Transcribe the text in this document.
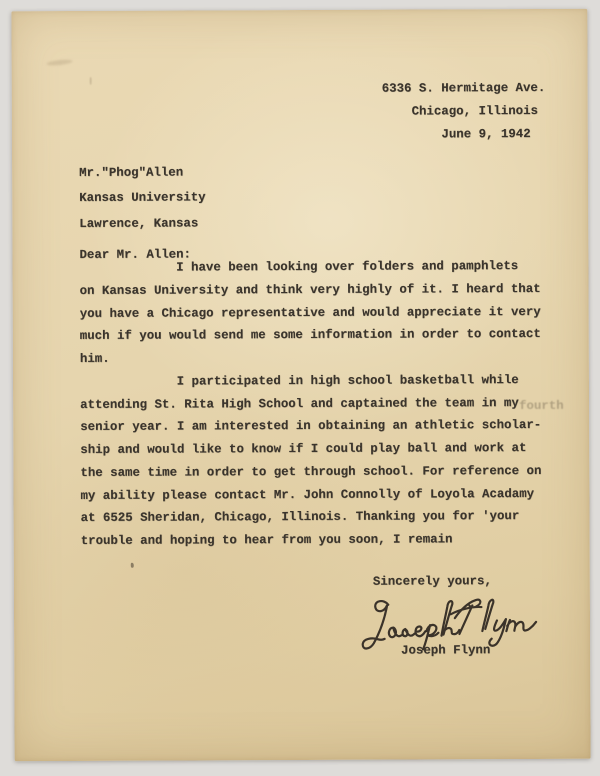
6336 S. Hermitage Ave.
Chicago, Illinois
June 9, 1942
Mr."Phog"Allen
Kansas University
Lawrence, Kansas
Dear Mr. Allen:
I have been looking over folders and pamphlets
on Kansas University and think very highly of it. I heard that
you have a Chicago representative and would appreciate it very
much if you would send me some information in order to contact
him.
I participated in high school basketball while
attending St. Rita High School and captained the team in my
senior year. I am interested in obtaining an athletic scholar-
ship and would like to know if I could play ball and work at
the same time in order to get through school. For reference on
my ability please contact Mr. John Connolly of Loyola Acadamy
at 6525 Sheridan, Chicago, Illinois. Thanking you for 'your
trouble and hoping to hear from you soon, I remain
fourth
Sincerely yours,
Joseph Flynn
